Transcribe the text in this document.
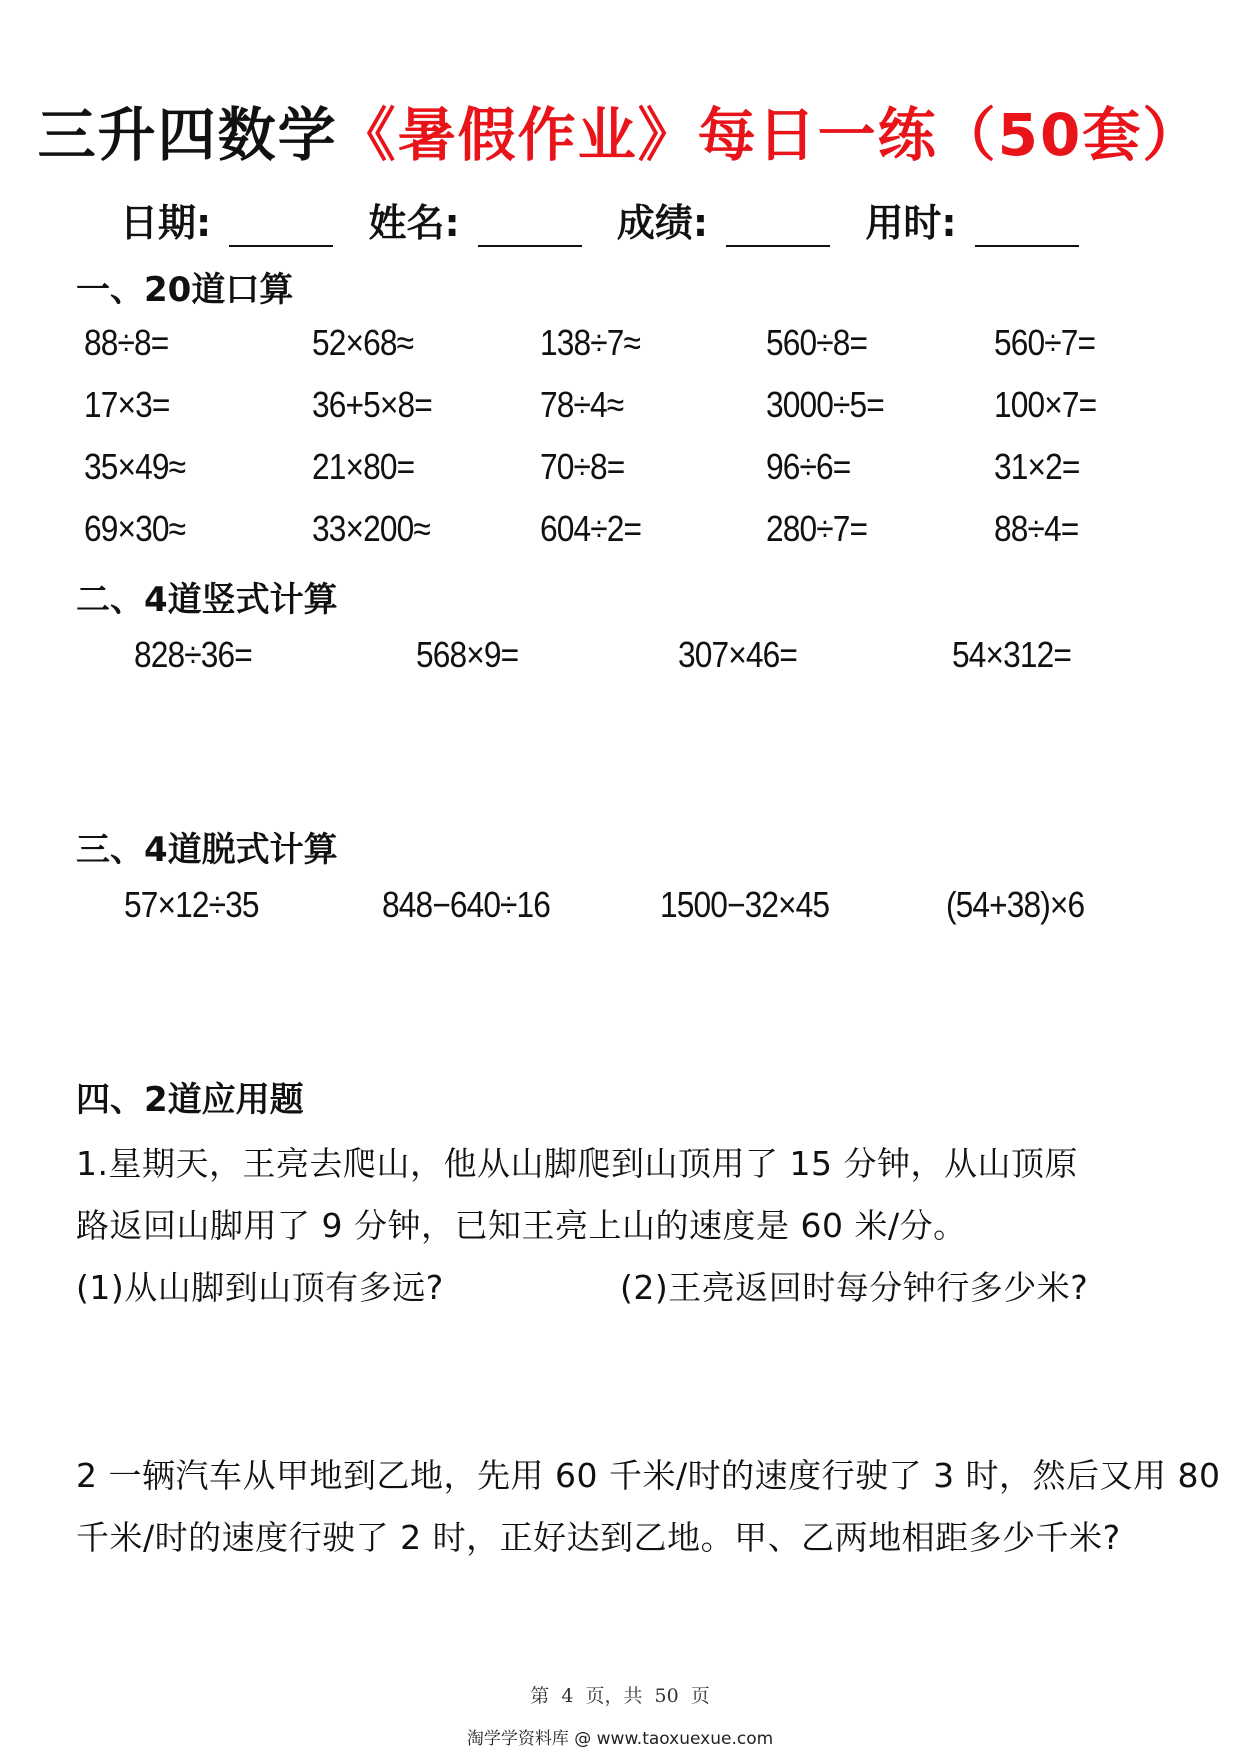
三升四数学《暑假作业》每日一练（50套）
日期:	姓名:	成绩:	用时:
一、20道口算
88÷8=	52×68≈	138÷7≈	560÷8=	560÷7=
17×3=	36+5×8=	78÷4≈	3000÷5=	100×7=
35×49≈	21×80=	70÷8=	96÷6=	31×2=
69×30≈	33×200≈	604÷2=	280÷7=	88÷4=
二、4道竖式计算
828÷36=	568×9=	307×46=	54×312=
三、4道脱式计算
57×12÷35	848−640÷16	1500−32×45	(54+38)×6
四、2道应用题
1.星期天，王亮去爬山，他从山脚爬到山顶用了 15 分钟，从山顶原
路返回山脚用了 9 分钟，已知王亮上山的速度是 60 米/分。
(1)从山脚到山顶有多远?	(2)王亮返回时每分钟行多少米?
2 一辆汽车从甲地到乙地，先用 60 千米/时的速度行驶了 3 时，然后又用 80
千米/时的速度行驶了 2 时，正好达到乙地。甲、乙两地相距多少千米?
第 4 页，共 50 页
淘学学资料库 @ www.taoxuexue.com
